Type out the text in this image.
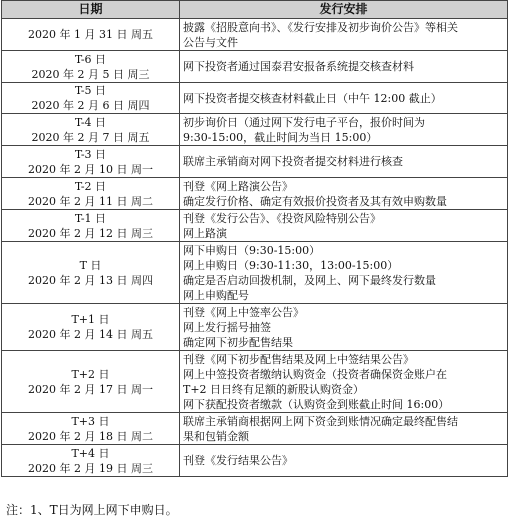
日期	发行安排

2020 年 1 月 31 日 周五	披露《招股意向书》、《发行安排及初步询价公告》等相关
公告与文件

T-6 日
2020 年 2 月 5 日 周三	网下投资者通过国泰君安报备系统提交核查材料

T-5 日
2020 年 2 月 6 日 周四	网下投资者提交核查材料截止日（中午 12:00 截止）

T-4 日
2020 年 2 月 7 日 周五	初步询价日（通过网下发行电子平台，报价时间为
9:30-15:00，截止时间为当日 15:00）

T-3 日
2020 年 2 月 10 日 周一	联席主承销商对网下投资者提交材料进行核查

T-2 日
2020 年 2 月 11 日 周二	刊登《网上路演公告》
确定发行价格、确定有效报价投资者及其有效申购数量

T-1 日
2020 年 2 月 12 日 周三	刊登《发行公告》、《投资风险特别公告》
网上路演

T 日
2020 年 2 月 13 日 周四	网下申购日（9:30-15:00）
网上申购日（9:30-11:30，13:00-15:00）
确定是否启动回拨机制，及网上、网下最终发行数量
网上申购配号

T+1 日
2020 年 2 月 14 日 周五	刊登《网上中签率公告》
网上发行摇号抽签
确定网下初步配售结果

T+2 日
2020 年 2 月 17 日 周一	刊登《网下初步配售结果及网上中签结果公告》
网上中签投资者缴纳认购资金（投资者确保资金账户在
T+2 日日终有足额的新股认购资金）
网下获配投资者缴款（认购资金到账截止时间 16:00）

T+3 日
2020 年 2 月 18 日 周二	联席主承销商根据网上网下资金到账情况确定最终配售结
果和包销金额

T+4 日
2020 年 2 月 19 日 周三	刊登《发行结果公告》
注：1、T日为网上网下申购日。
